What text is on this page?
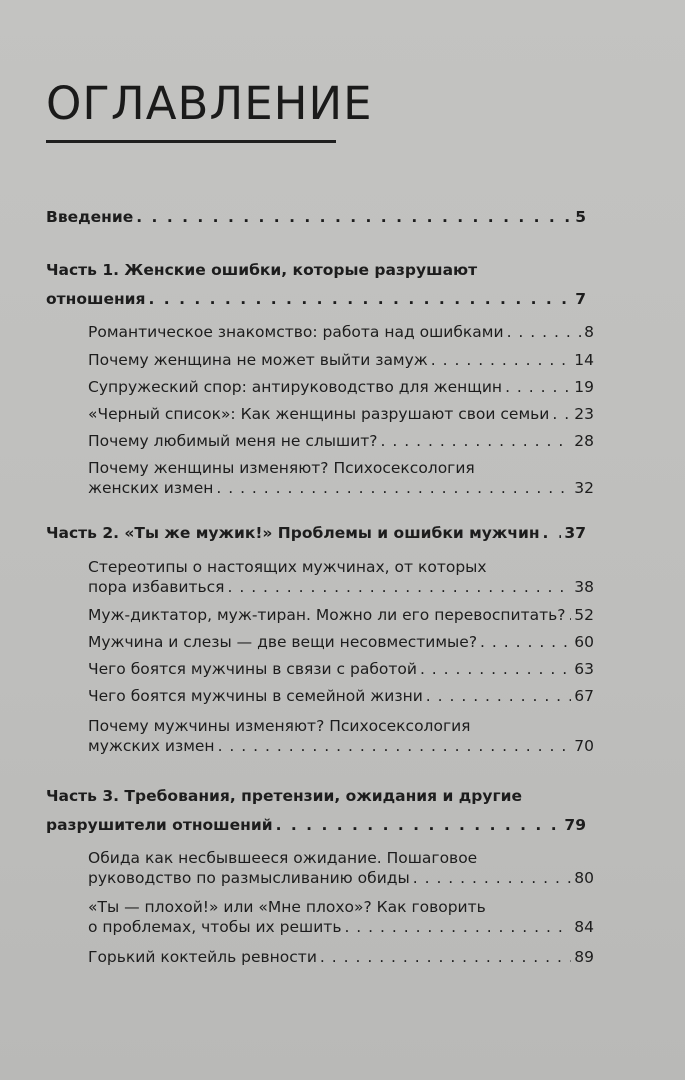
ОГЛАВЛЕНИЕ
Введение . . .	5
Часть 1. Женские ошибки, которые разрушают
отношения . . .	7
Романтическое знакомство: работа над ошибками . . .	8
Почему женщина не может выйти замуж . . .	14
Супружеский спор: антируководство для женщин . . .	19
«Черный список»: Как женщины разрушают свои семьи . . . 23
Почему любимый меня не слышит? . . .	28
Почему женщины изменяют? Психосексология
женских измен . . .	32
Часть 2. «Ты же мужик!» Проблемы и ошибки мужчин . . . 37
Стереотипы о настоящих мужчинах, от которых
пора избавиться . . .	38
Муж-диктатор, муж-тиран. Можно ли его перевоспитать? . . . 52
Мужчина и слезы — две вещи несовместимые? . . .	60
Чего боятся мужчины в связи с работой . . .	63
Чего боятся мужчины в семейной жизни . . .	67
Почему мужчины изменяют? Психосексология
мужских измен . . .	70
Часть 3. Требования, претензии, ожидания и другие
разрушители отношений . . .	79
Обида как несбывшееся ожидание. Пошаговое
руководство по размысливанию обиды . . .	80
«Ты — плохой!» или «Мне плохо»? Как говорить
о проблемах, чтобы их решить . . .	84
Горький коктейль ревности . . .	89
